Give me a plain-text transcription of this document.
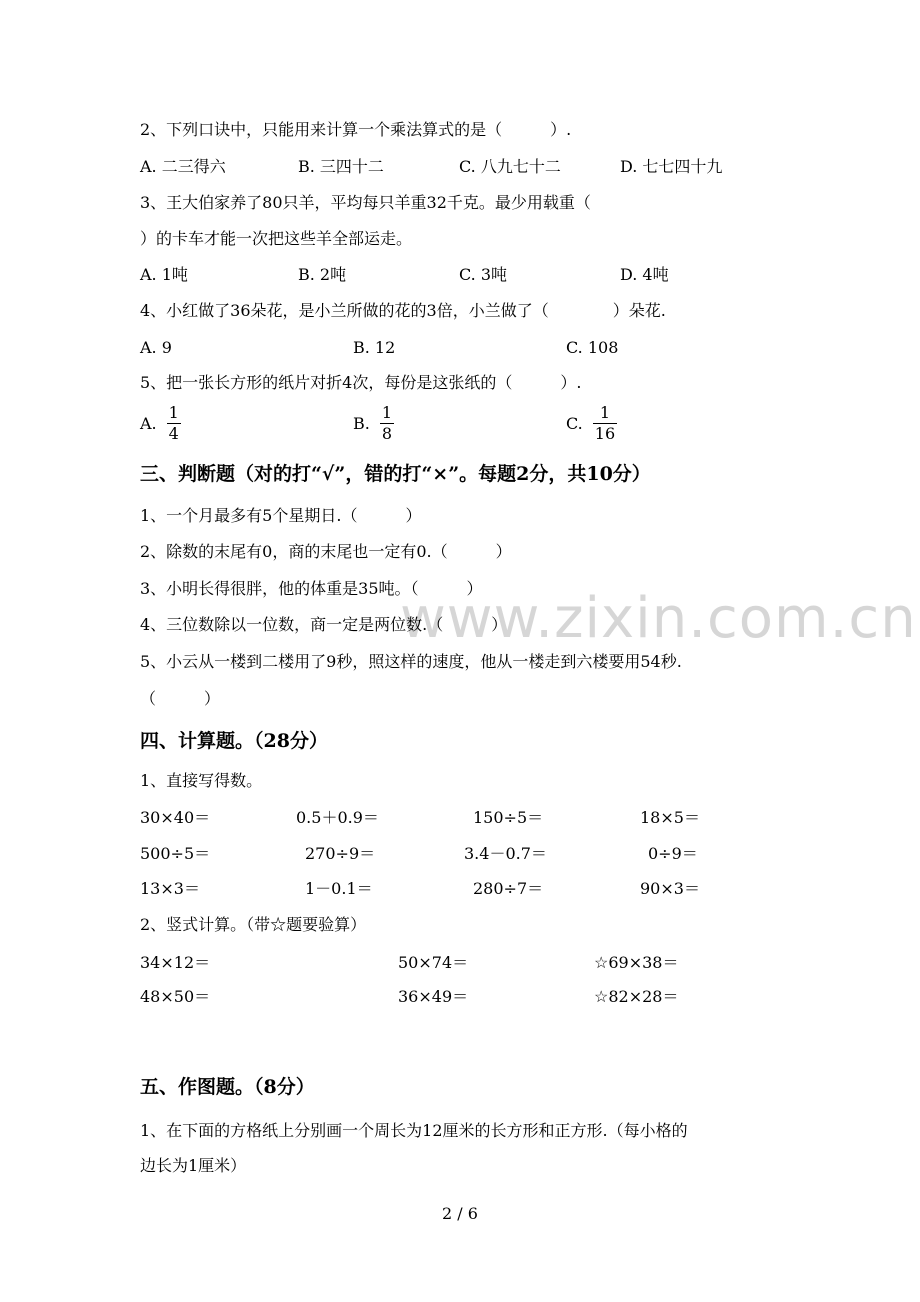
www.zixin.com.cn
2、下列口诀中，只能用来计算一个乘法算式的是（　　　）.
A. 二三得六	B. 三四十二	C. 八九七十二	D. 七七四十九
3、王大伯家养了80只羊，平均每只羊重32千克。最少用载重（
）的卡车才能一次把这些羊全部运走。
A. 1吨	B. 2吨	C. 3吨	D. 4吨
4、小红做了36朵花，是小兰所做的花的3倍，小兰做了（　　　　）朵花.
A. 9	B. 12	C. 108
5、把一张长方形的纸片对折4次，每份是这张纸的（　　　）.
A. $\frac{1}{4}$	B. $\frac{1}{8}$	C. $\frac{1}{16}$
三、判断题（对的打“√”，错的打“×”。每题2分，共10分）
1、一个月最多有5个星期日.（　　　）
2、除数的末尾有0，商的末尾也一定有0.（　　　）
3、小明长得很胖，他的体重是35吨。（　　　）
4、三位数除以一位数，商一定是两位数.（　　　）
5、小云从一楼到二楼用了9秒，照这样的速度，他从一楼走到六楼要用54秒.
（　　　）
四、计算题。（28分）
1、直接写得数。
30×40＝	0.5＋0.9＝	150÷5＝	18×5＝
500÷5＝	270÷9＝	3.4－0.7＝	0÷9＝
13×3＝	1－0.1＝	280÷7＝	90×3＝
2、竖式计算。（带☆题要验算）
34×12＝	50×74＝	☆69×38＝
48×50＝	36×49＝	☆82×28＝
五、作图题。（8分）
1、在下面的方格纸上分别画一个周长为12厘米的长方形和正方形.（每小格的
边长为1厘米）
2 / 6
